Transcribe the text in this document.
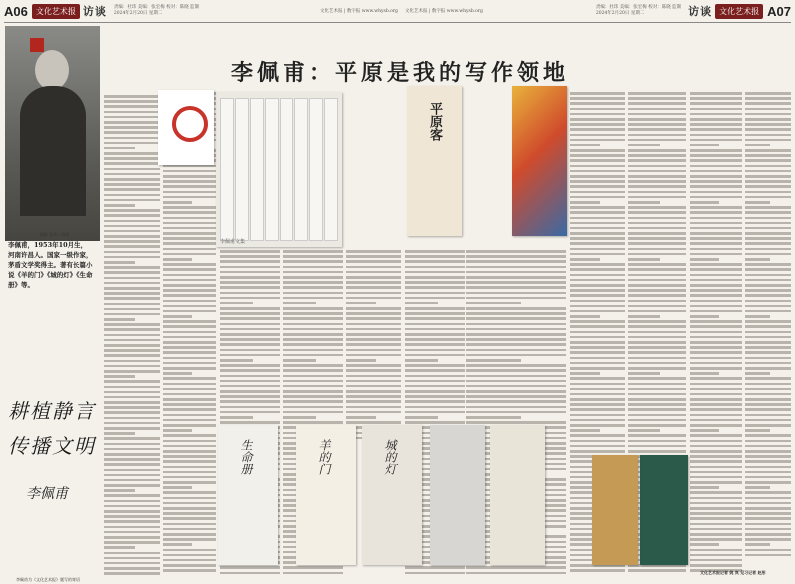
A06	文化艺术报 访谈 责编：杜玮 美编：张宏梅 校对：陈晓 监制
2024年2月20日 星期二	文化艺术报 | 数字报 www.whysb.org 文化艺术报 | 数字报 www.whysb.org
责编：杜玮 美编：张宏梅 校对：陈晓 监制
2024年2月20日 星期二	访谈 文化艺术报 A07
李佩甫：平原是我的写作领地
摄影 张伟 / 供图
李佩甫，1953年10月生，河南许昌人。国家一级作家，茅盾文学奖得主。著有长篇小说《羊的门》《城的灯》《生命册》等。
耕植静言
传播文明
李佩甫
李佩甫为《文化艺术报》题写的寄语
李佩甫文集
平原客
生命册	羊的门	城的灯
文化艺术报记者 姚 岚 见习记者 赵彤
